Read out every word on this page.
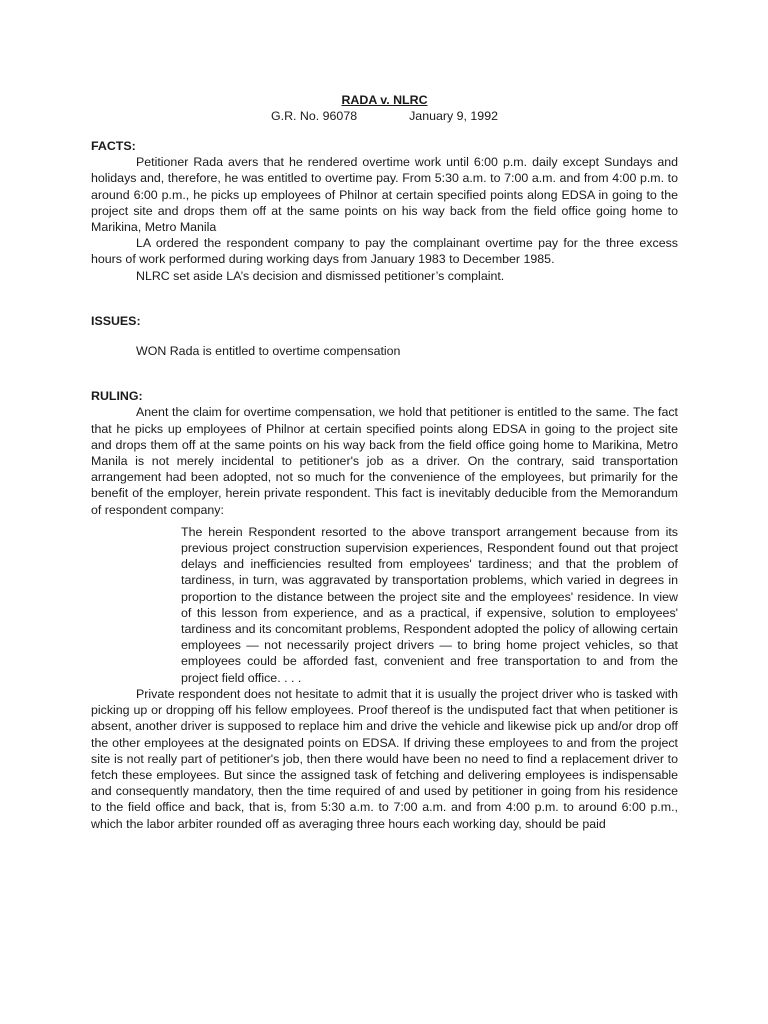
RADA v. NLRC

G.R. No. 96078	January 9, 1992

FACTS:

Petitioner Rada avers that he rendered overtime work until 6:00 p.m. daily except Sundays and holidays and, therefore, he was entitled to overtime pay. From 5:30 a.m. to 7:00 a.m. and from 4:00 p.m. to around 6:00 p.m., he picks up employees of Philnor at certain specified points along EDSA in going to the project site and drops them off at the same points on his way back from the field office going home to Marikina, Metro Manila

LA ordered the respondent company to pay the complainant overtime pay for the three excess hours of work performed during working days from January 1983 to December 1985.

NLRC set aside LA’s decision and dismissed petitioner’s complaint.

ISSUES:

WON Rada is entitled to overtime compensation

RULING:

Anent the claim for overtime compensation, we hold that petitioner is entitled to the same. The fact that he picks up employees of Philnor at certain specified points along EDSA in going to the project site and drops them off at the same points on his way back from the field office going home to Marikina, Metro Manila is not merely incidental to petitioner's job as a driver. On the contrary, said transportation arrangement had been adopted, not so much for the convenience of the employees, but primarily for the benefit of the employer, herein private respondent. This fact is inevitably deducible from the Memorandum of respondent company:

The herein Respondent resorted to the above transport arrangement because from its previous project construction supervision experiences, Respondent found out that project delays and inefficiencies resulted from employees' tardiness; and that the problem of tardiness, in turn, was aggravated by transportation problems, which varied in degrees in proportion to the distance between the project site and the employees' residence. In view of this lesson from experience, and as a practical, if expensive, solution to employees' tardiness and its concomitant problems, Respondent adopted the policy of allowing certain employees — not necessarily project drivers — to bring home project vehicles, so that employees could be afforded fast, convenient and free transportation to and from the project field office. . . .

Private respondent does not hesitate to admit that it is usually the project driver who is tasked with picking up or dropping off his fellow employees. Proof thereof is the undisputed fact that when petitioner is absent, another driver is supposed to replace him and drive the vehicle and likewise pick up and/or drop off the other employees at the designated points on EDSA. If driving these employees to and from the project site is not really part of petitioner's job, then there would have been no need to find a replacement driver to fetch these employees. But since the assigned task of fetching and delivering employees is indispensable and consequently mandatory, then the time required of and used by petitioner in going from his residence to the field office and back, that is, from 5:30 a.m. to 7:00 a.m. and from 4:00 p.m. to around 6:00 p.m., which the labor arbiter rounded off as averaging three hours each working day, should be paid
